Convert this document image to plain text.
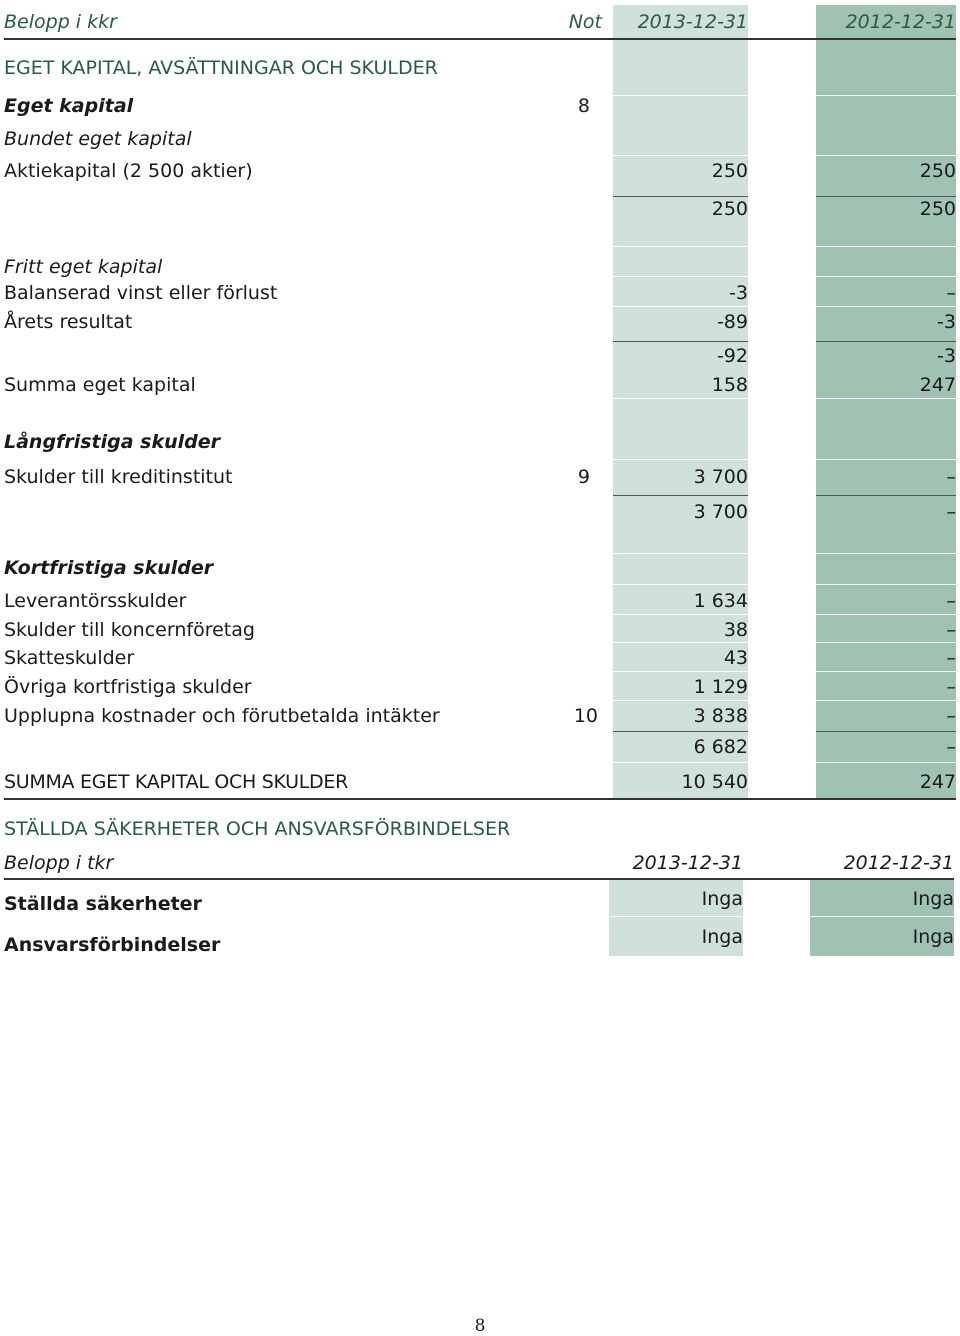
Belopp i kkr	Not	2013-12-31	2012-12-31
EGET KAPITAL, AVSÄTTNINGAR OCH SKULDER
Eget kapital	8
Bundet eget kapital
Aktiekapital (2 500 aktier)	250	250
250	250
Fritt eget kapital
Balanserad vinst eller förlust	-3	–
Årets resultat	-89	-3
-92	-3
Summa eget kapital	158	247
Långfristiga skulder
Skulder till kreditinstitut	9	3 700	–
3 700	–
Kortfristiga skulder
Leverantörsskulder	1 634	–
Skulder till koncernföretag	38	–
Skatteskulder	43	–
Övriga kortfristiga skulder	1 129	–
Upplupna kostnader och förutbetalda intäkter	10	3 838	–
6 682	–
SUMMA EGET KAPITAL OCH SKULDER	10 540	247
STÄLLDA SÄKERHETER OCH ANSVARSFÖRBINDELSER
Belopp i tkr	2013-12-31	2012-12-31
Ställda säkerheter	Inga	Inga
Ansvarsförbindelser	Inga	Inga
8
